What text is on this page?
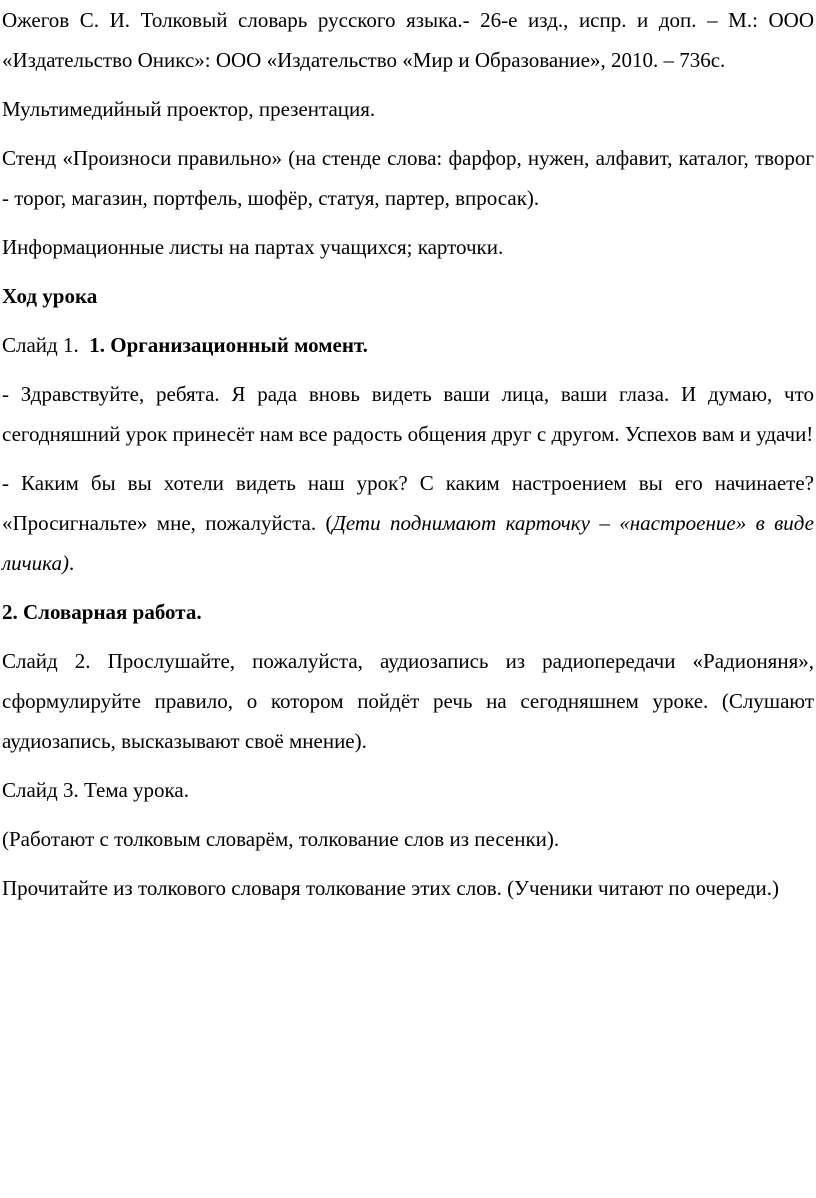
Ожегов С. И. Толковый словарь русского языка.- 26-е изд., испр. и доп. – М.: ООО «Издательство Оникс»: ООО «Издательство «Мир и Образование», 2010. – 736с.

Мультимедийный проектор, презентация.

Стенд «Произноси правильно» (на стенде слова: фарфор, нужен, алфавит, каталог, творог - торог, магазин, портфель, шофёр, статуя, партер, впросак).

Информационные листы на партах учащихся; карточки.

Ход урока

Слайд 1. 1. Организационный момент.

- Здравствуйте, ребята. Я рада вновь видеть ваши лица, ваши глаза. И думаю, что сегодняшний урок принесёт нам все радость общения друг с другом. Успехов вам и удачи!

- Каким бы вы хотели видеть наш урок? С каким настроением вы его начинаете? «Просигнальте» мне, пожалуйста. (Дети поднимают карточку – «настроение» в виде личика).

2. Словарная работа.

Слайд 2. Прослушайте, пожалуйста, аудиозапись из радиопередачи «Радионяня», сформулируйте правило, о котором пойдёт речь на сегодняшнем уроке. (Слушают аудиозапись, высказывают своё мнение).

Слайд 3. Тема урока.

(Работают с толковым словарём, толкование слов из песенки).

Прочитайте из толкового словаря толкование этих слов. (Ученики читают по очереди.)
